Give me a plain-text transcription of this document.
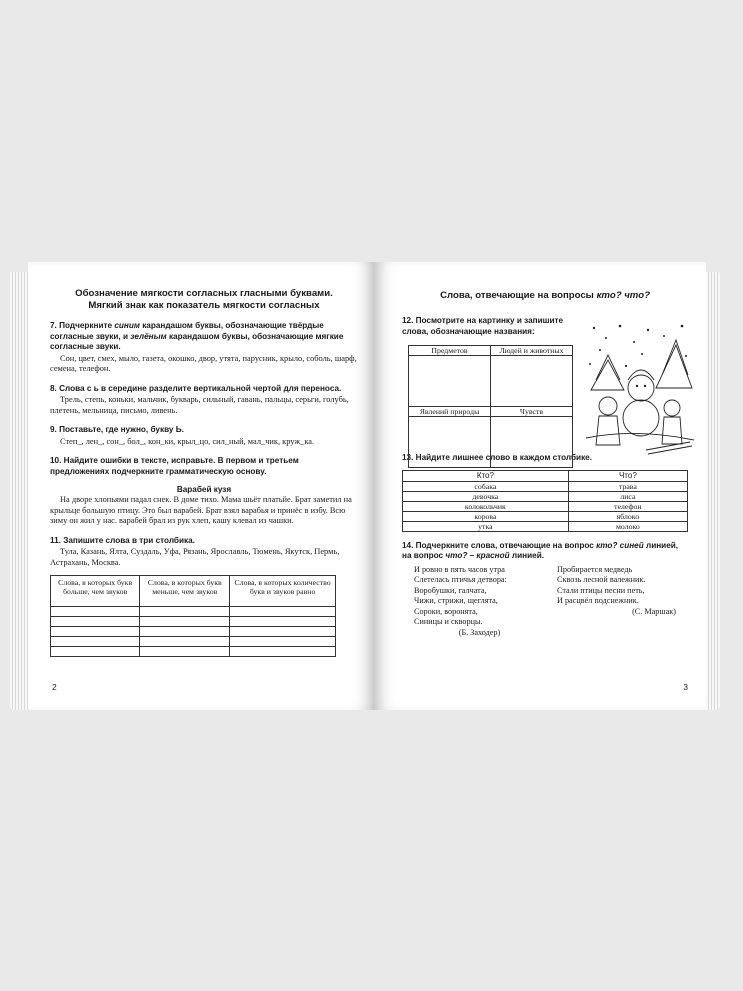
Обозначение мягкости согласных гласными буквами.
Мягкий знак как показатель мягкости согласных
7. Подчеркните синим карандашом буквы, обозначающие твёрдые согласные звуки, и зелёным карандашом буквы, обозначающие мягкие согласные звуки.
Сон, цвет, смех, мыло, газета, окошко, двор, утята, парусник, крыло, соболь, шарф, семена, телефон.
8. Слова с ь в середине разделите вертикальной чертой для переноса.
Трель, степь, коньки, мальчик, букварь, сильный, гавань, пальцы, серьги, голубь, плетень, мельница, письмо, ливень.
9. Поставьте, где нужно, букву Ь.
Степ_, лен_, сон_, бол_, кон_ки, крыл_цо, сил_ный, мал_чик, круж_ка.
10. Найдите ошибки в тексте, исправьте. В первом и третьем предложениях подчеркните грамматическую основу.
Варабей кузя
На дворе хлопьями падал снек. В доме тихо. Мама шьёт платьйе. Брат заметил на крыльце большую птицу. Это был варабей. Брат взял варабья и принёс в избу. Всю зиму он жил у нас. варабей брал из рук хлеп, кашу клевал из чашки.
11. Запишите слова в три столбика.
Тула, Казань, Ялта, Суздаль, Уфа, Рязань, Ярославль, Тюмень, Якутск, Пермь, Астрахань, Москва.
Слова, в которых букв больше, чем звуков	Слова, в которых букв меньше, чем звуков	Слова, в которых количество букв и звуков равно

2
Слова, отвечающие на вопросы кто? что?
12. Посмотрите на картинку и запишите слова, обозначающие названия:
Предметов	Людей и животных

Явлений природы	Чувств

13. Найдите лишнее слово в каждом столбике.
Кто?	Что?
собака	трава
девочка	лиса
колокольчик	телефон
корова	яблоко
утка	молоко
14. Подчеркните слова, отвечающие на вопрос кто? синей линией, на вопрос что? – красной линией.
И ровно в пять часов утра
Слетелась птичья детвора:
Воробушки, галчата,
Чижи, стрижи, щеглята,
Сороки, воронята,
Синицы и скворцы.
(Б. Заходер)
Пробирается медведь
Сквозь лесной валежник.
Стали птицы песни петь,
И расцвёл подснежник.
(С. Маршак)
3
